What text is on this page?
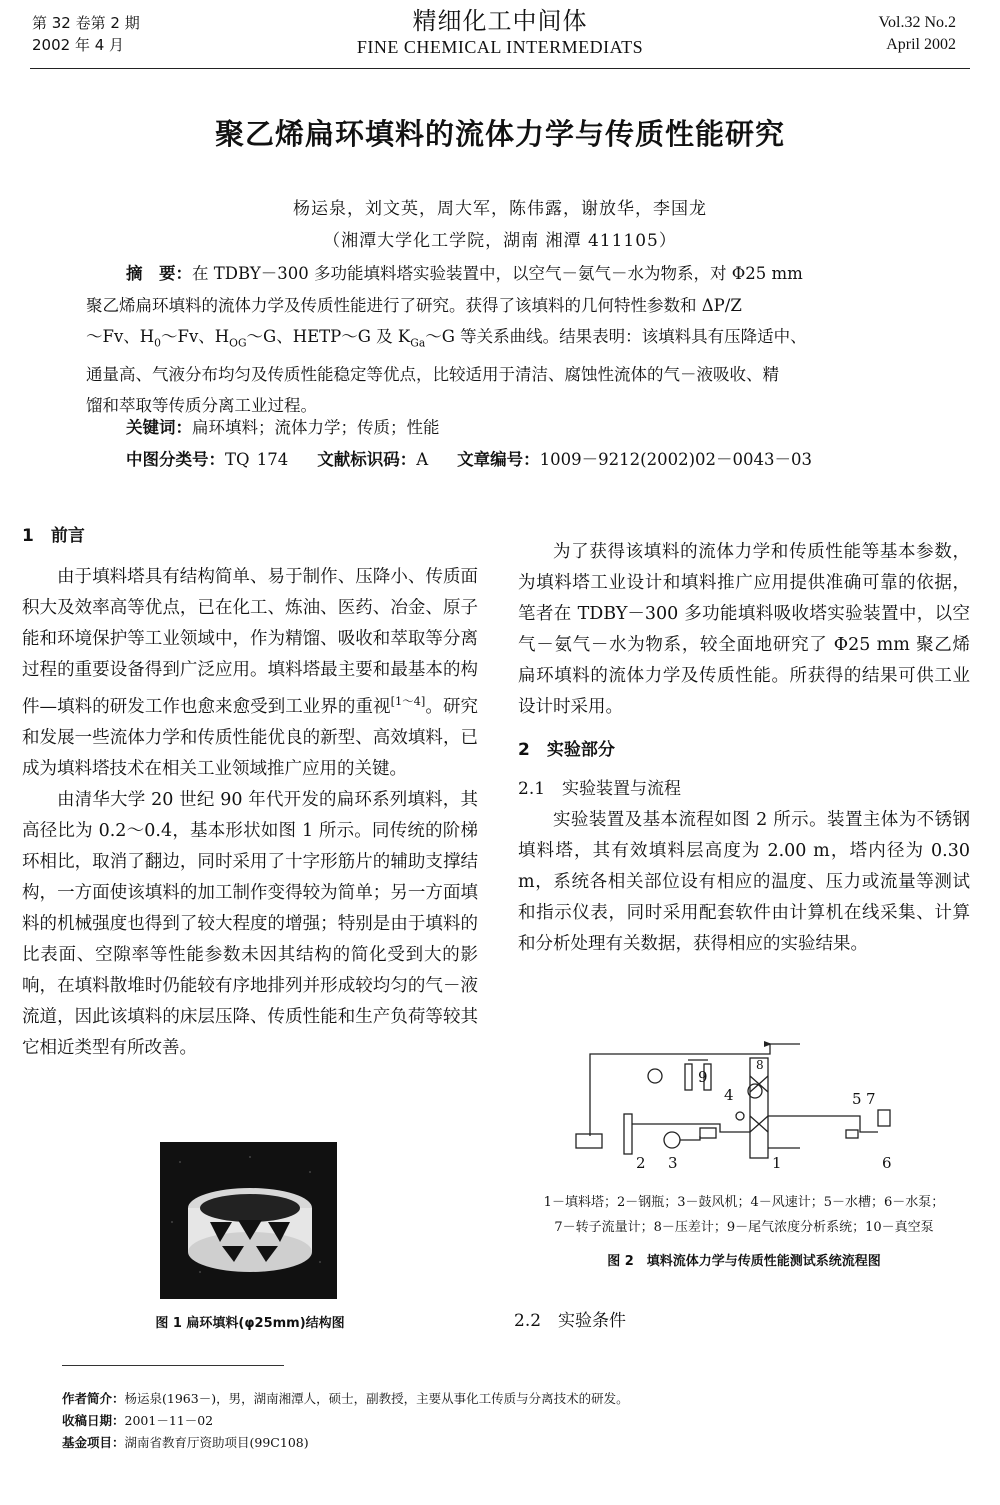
第 32 卷第 2 期
2002 年 4 月
精细化工中间体
FINE CHEMICAL INTERMEDIATS
Vol.32 No.2
April 2002
聚乙烯扁环填料的流体力学与传质性能研究
杨运泉，刘文英，周大军，陈伟露，谢放华，李国龙
（湘潭大学化工学院，湖南 湘潭 411105）

摘　要：在 TDBY－300 多功能填料塔实验装置中，以空气－氨气－水为物系，对 Φ25 mm

聚乙烯扁环填料的流体力学及传质性能进行了研究。获得了该填料的几何特性参数和 ΔP/Z

～Fv、$H_0\sim Fv$、$H_{OG}\sim G$、HETP～G 及 $K_{Ga}\sim G$ 等关系曲线。结果表明：该填料具有压降适中、

通量高、气液分布均匀及传质性能稳定等优点，比较适用于清洁、腐蚀性流体的气－液吸收、精

馏和萃取等传质分离工业过程。

关键词：扁环填料；流体力学；传质；性能
中图分类号：TQ 174 文献标识码：A 文章编号：1009－9212(2002)02－0043－03

1　前言

由于填料塔具有结构简单、易于制作、压降小、传质面积大及效率高等优点，已在化工、炼油、医药、冶金、原子能和环境保护等工业领域中，作为精馏、吸收和萃取等分离过程的重要设备得到广泛应用。填料塔最主要和最基本的构件—填料的研发工作也愈来愈受到工业界的重视[1～4]。研究和发展一些流体力学和传质性能优良的新型、高效填料，已成为填料塔技术在相关工业领域推广应用的关键。

由清华大学 20 世纪 90 年代开发的扁环系列填料，其高径比为 0.2～0.4，基本形状如图 1 所示。同传统的阶梯环相比，取消了翻边，同时采用了十字形筋片的辅助支撑结构，一方面使该填料的加工制作变得较为简单；另一方面填料的机械强度也得到了较大程度的增强；特别是由于填料的比表面、空隙率等性能参数未因其结构的简化受到大的影响，在填料散堆时仍能较有序地排列并形成较均匀的气－液流道，因此该填料的床层压降、传质性能和生产负荷等较其它相近类型有所改善。

图 1 扁环填料(φ25mm)结构图

为了获得该填料的流体力学和传质性能等基本参数，为填料塔工业设计和填料推广应用提供准确可靠的依据，笔者在 TDBY－300 多功能填料吸收塔实验装置中，以空气－氨气－水为物系，较全面地研究了 Φ25 mm 聚乙烯扁环填料的流体力学及传质性能。所获得的结果可供工业设计时采用。

2　实验部分

2.1　实验装置与流程

实验装置及基本流程如图 2 所示。装置主体为不锈钢填料塔，其有效填料层高度为 2.00 m，塔内径为 0.30 m，系统各相关部位设有相应的温度、压力或流量等测试和指示仪表，同时采用配套软件由计算机在线采集、计算和分析处理有关数据，获得相应的实验结果。

2 3	1
4	5
6
7
8
9
1－填料塔；2－钢瓶；3－鼓风机；4－风速计；5－水槽；6－水泵；
7－转子流量计；8－压差计；9－尾气浓度分析系统；10－真空泵
图 2　填料流体力学与传质性能测试系统流程图
2.2　实验条件
作者简介：杨运泉(1963－)，男，湖南湘潭人，硕士，副教授，主要从事化工传质与分离技术的研发。
收稿日期：2001－11－02
基金项目：湖南省教育厅资助项目(99C108)
